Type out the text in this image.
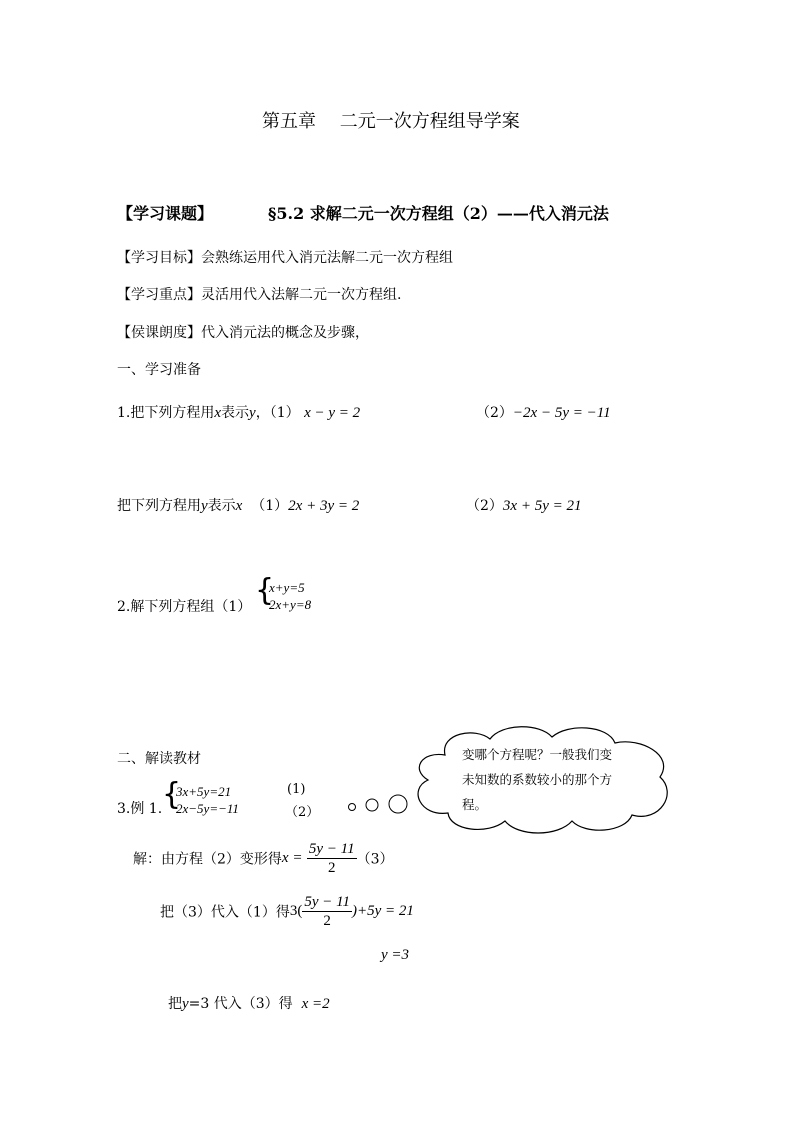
第五章　 二元一次方程组导学案
【学习课题】	§5.2 求解二元一次方程组（2）——代入消元法
【学习目标】会熟练运用代入消元法解二元一次方程组
【学习重点】灵活用代入法解二元一次方程组.
【侯课朗度】代入消元法的概念及步骤，
一、学习准备
1.把下列方程用x表示y，（1） x − y = 2	（2）−2x − 5y = −11
把下列方程用y表示x （1）2x + 3y = 2	（2）3x + 5y = 21
2.解下列方程组（1） {
x+y=5
2x+y=8
二、解读教材	变哪个方程呢？一般我们变未知数的系数较小的那个方程。
3.例 1. {
3x+5y=21
2x−5y=−11
(1)
（2）
解：由方程（2）变形得$x = \frac{5y - 11}{2} (3)$
把（3）代入（1）得$3( \frac{5y - 11}{2} )+5y = 21$
y =3
把y=3 代入（3）得 x =2
